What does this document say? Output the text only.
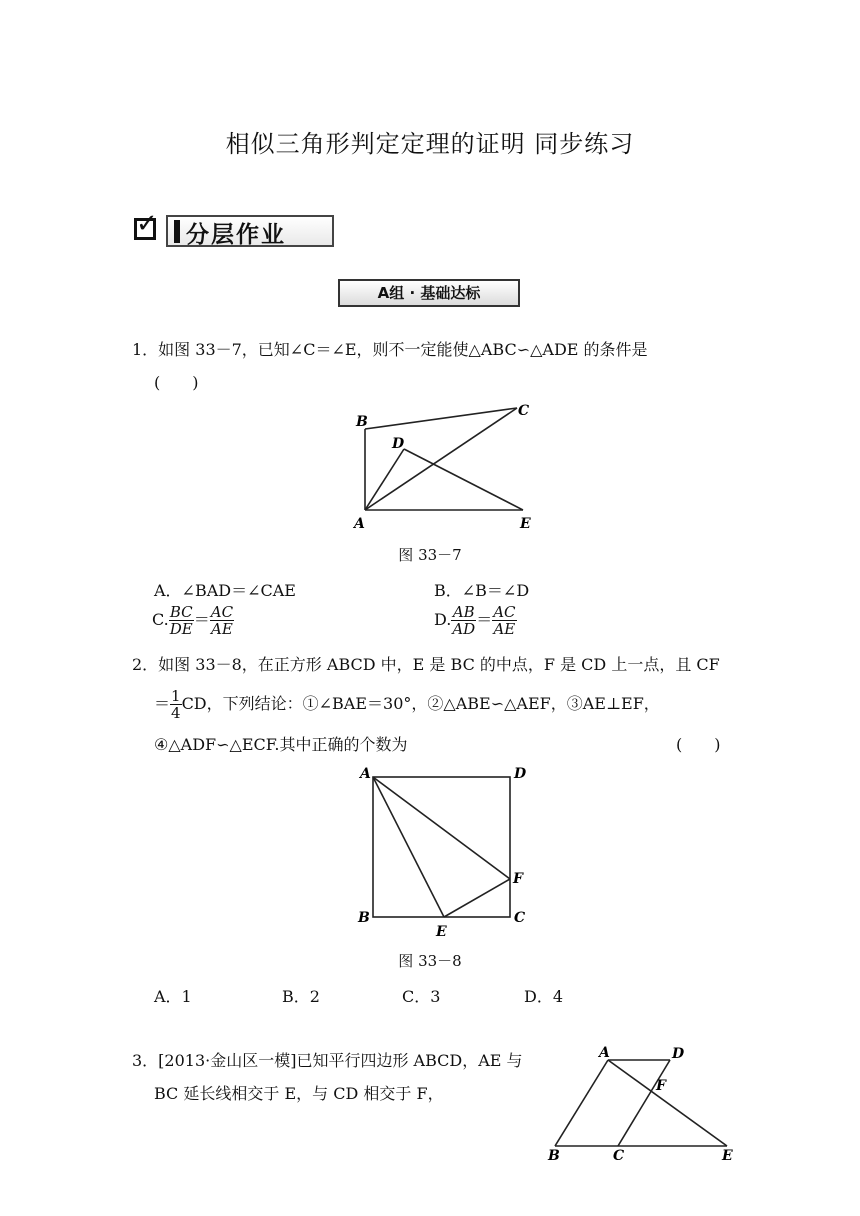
相似三角形判定定理的证明 同步练习
✓ 分层作业
A组 · 基础达标
1．如图 33－7，已知∠C＝∠E，则不一定能使△ABC∽△ADE 的条件是
(　　)
A
B
C
D
E
图 33－7
A．∠BAD＝∠CAE	B．∠B＝∠D
C. $\frac{BC}{DE} = \frac{AC}{AE}$	D. $\frac{AB}{AD} = \frac{AC}{AE}$
2．如图 33－8，在正方形 ABCD 中，E 是 BC 的中点，F 是 CD 上一点，且 CF
＝ $\frac{1}{4}$ CD，下列结论：①∠BAE＝30°，②△ABE∽△AEF，③AE⊥EF，
④△ADF∽△ECF.其中正确的个数为	(　　)
A
B	C
D
E
F
图 33－8
A．1	B．2	C．3	D．4
3．[2013·金山区一模]已知平行四边形 ABCD，AE 与
BC 延长线相交于 E，与 CD 相交于 F，
A	D
F
B	C	E
